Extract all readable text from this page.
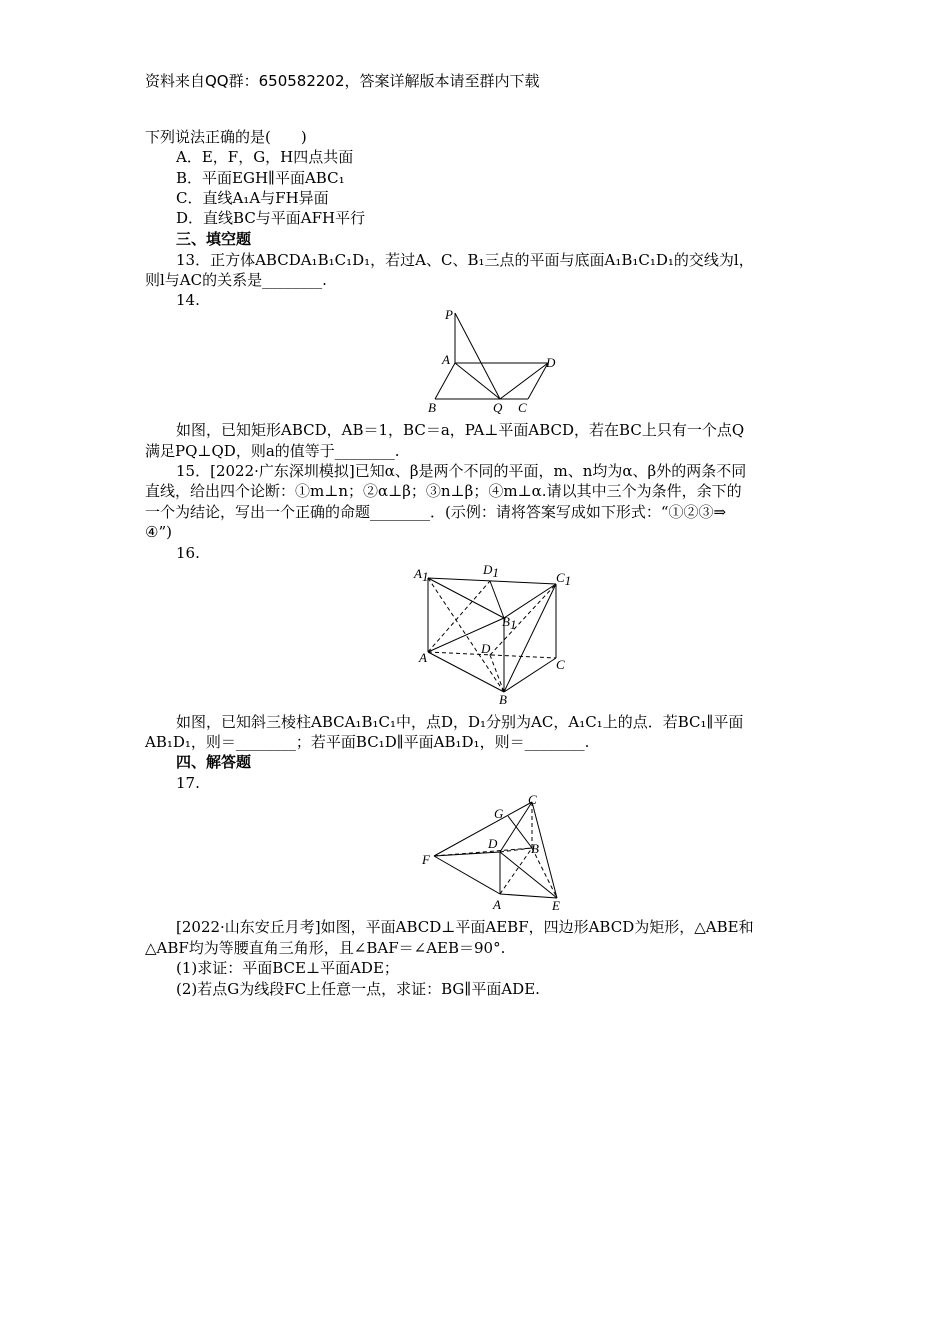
资料来自QQ群：650582202，答案详解版本请至群内下载
下列说法正确的是(　　)
A．E，F，G，H四点共面
B．平面EGH∥平面ABC₁
C．直线A₁A与FH异面
D．直线BC与平面AFH平行
三、填空题
13．正方体ABCDA₁B₁C₁D₁，若过A、C、B₁三点的平面与底面A₁B₁C₁D₁的交线为l，
则l与AC的关系是________.
14.
P
A	D
B	Q C
如图，已知矩形ABCD，AB＝1，BC＝a，PA⊥平面ABCD，若在BC上只有一个点Q
满足PQ⊥QD，则a的值等于________.
15．[2022·广东深圳模拟]已知α、β是两个不同的平面，m、n均为α、β外的两条不同
直线，给出四个论断：①m⊥n；②α⊥β；③n⊥β；④m⊥α.请以其中三个为条件，余下的
一个为结论，写出一个正确的命题________．(示例：请将答案写成如下形式：“①②③⇒
④”)
16.
A1	D1	C1
B1
D
A	C
B
如图，已知斜三棱柱ABCA₁B₁C₁中，点D，D₁分别为AC，A₁C₁上的点．若BC₁∥平面
AB₁D₁，则＝________；若平面BC₁D∥平面AB₁D₁，则＝________.
四、解答题
17.
C
G
D	B
F
A	E
[2022·山东安丘月考]如图，平面ABCD⊥平面AEBF，四边形ABCD为矩形，△ABE和
△ABF均为等腰直角三角形，且∠BAF＝∠AEB＝90°.
(1)求证：平面BCE⊥平面ADE；
(2)若点G为线段FC上任意一点，求证：BG∥平面ADE.
